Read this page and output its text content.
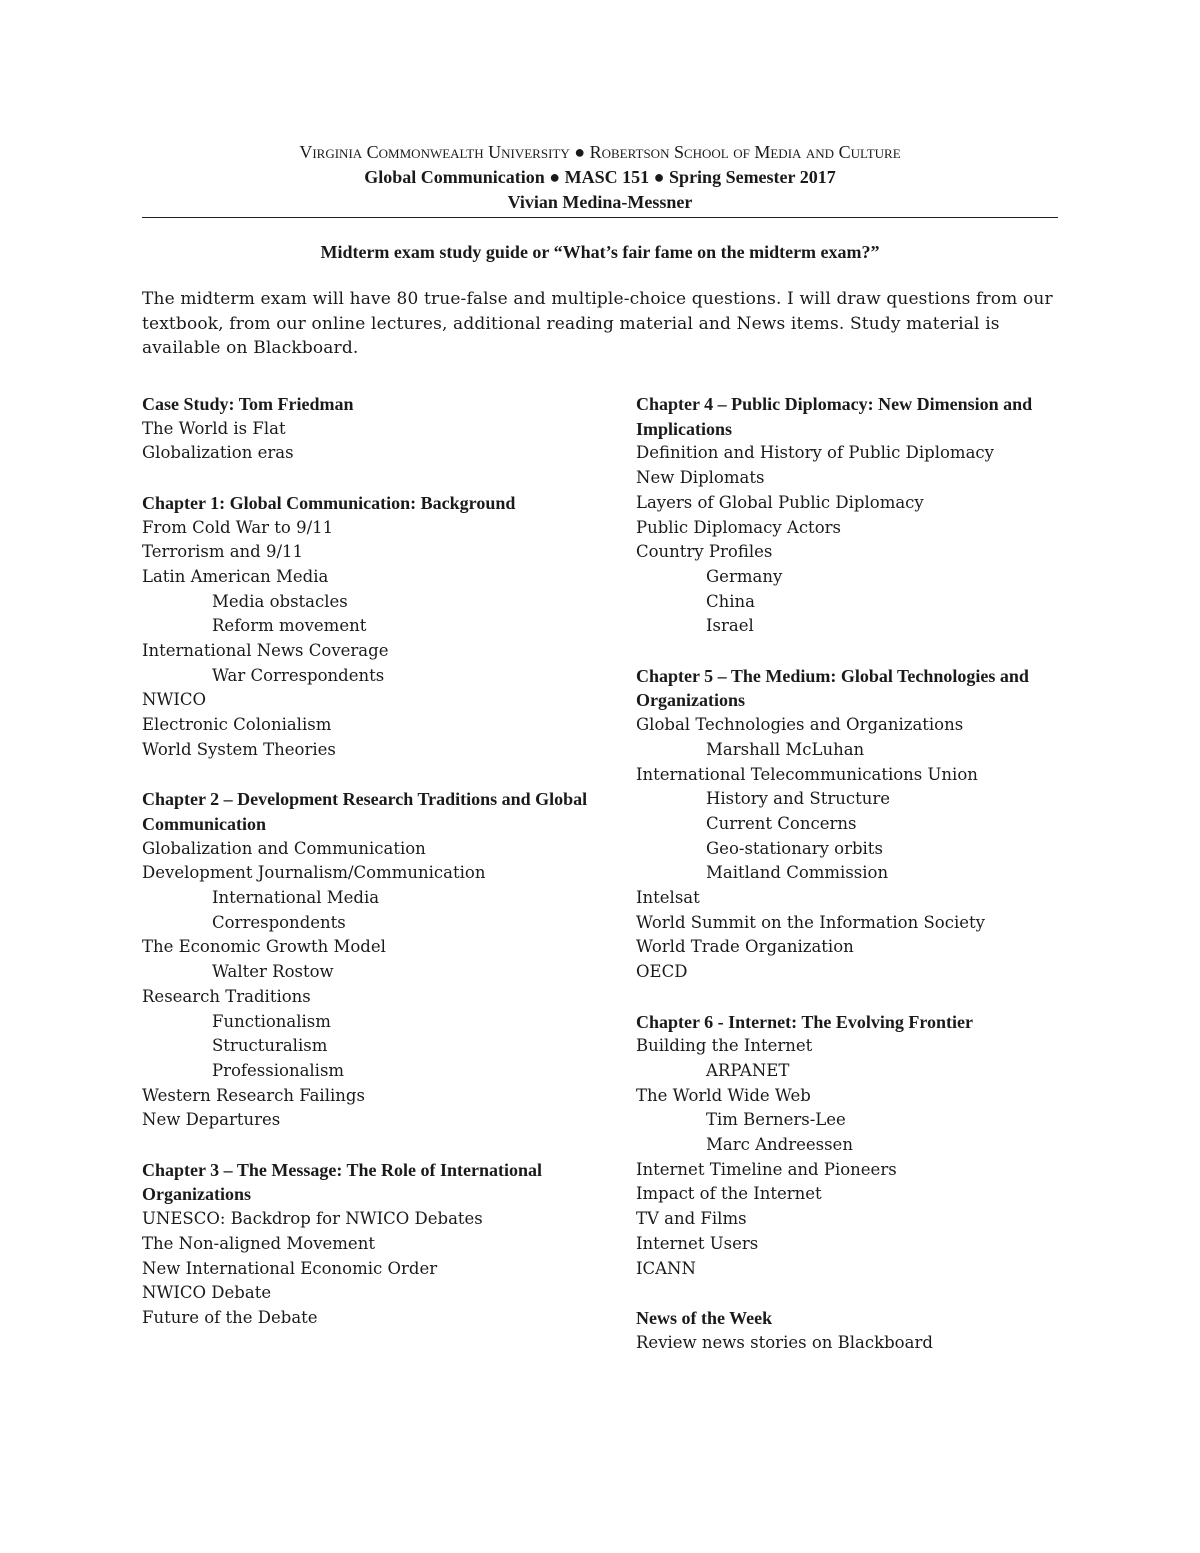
Virginia Commonwealth University ● Robertson School of Media and Culture
Global Communication ● MASC 151 ● Spring Semester 2017
Vivian Medina-Messner
Midterm exam study guide or “What’s fair fame on the midterm exam?”
The midterm exam will have 80 true-false and multiple-choice questions. I will draw questions from our textbook, from our online lectures, additional reading material and News items. Study material is available on Blackboard.
Case Study: Tom Friedman
The World is Flat
Globalization eras
Chapter 1: Global Communication: Background
From Cold War to 9/11
Terrorism and 9/11
Latin American Media
Media obstacles
Reform movement
International News Coverage
War Correspondents
NWICO
Electronic Colonialism
World System Theories
Chapter 2 – Development Research Traditions and Global Communication
Globalization and Communication
Development Journalism/Communication
International Media
Correspondents
The Economic Growth Model
Walter Rostow
Research Traditions
Functionalism
Structuralism
Professionalism
Western Research Failings
New Departures
Chapter 3 – The Message: The Role of International Organizations
UNESCO: Backdrop for NWICO Debates
The Non-aligned Movement
New International Economic Order
NWICO Debate
Future of the Debate
Chapter 4 – Public Diplomacy: New Dimension and Implications
Definition and History of Public Diplomacy
New Diplomats
Layers of Global Public Diplomacy
Public Diplomacy Actors
Country Profiles
Germany
China
Israel
Chapter 5 – The Medium: Global Technologies and Organizations
Global Technologies and Organizations
Marshall McLuhan
International Telecommunications Union
History and Structure
Current Concerns
Geo-stationary orbits
Maitland Commission
Intelsat
World Summit on the Information Society
World Trade Organization
OECD
Chapter 6 - Internet: The Evolving Frontier
Building the Internet
ARPANET
The World Wide Web
Tim Berners-Lee
Marc Andreessen
Internet Timeline and Pioneers
Impact of the Internet
TV and Films
Internet Users
ICANN
News of the Week
Review news stories on Blackboard
